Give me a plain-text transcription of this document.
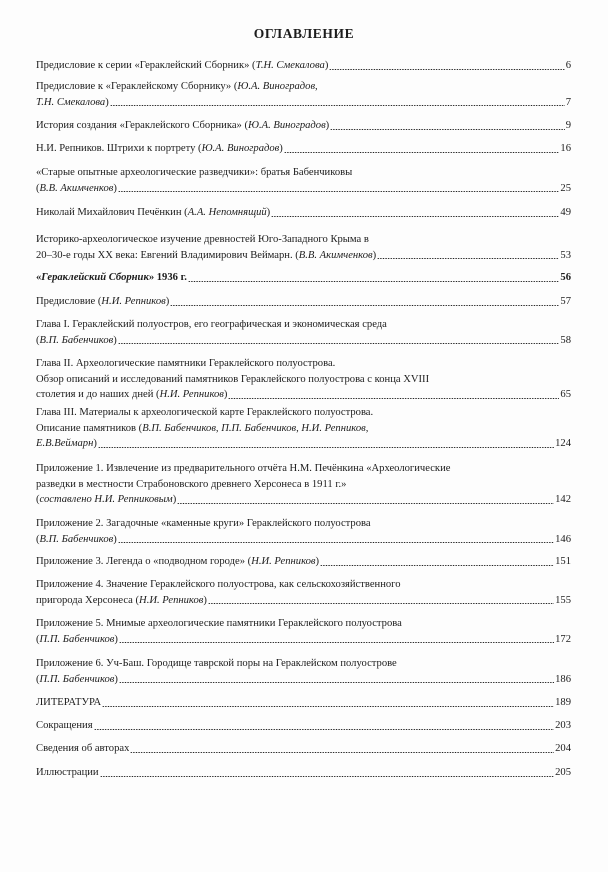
ОГЛАВЛЕНИЕ
Предисловие к серии «Гераклейский Сборник» (Т.Н. Смекалова)	6
Предисловие к «Гераклейскому Сборнику» (Ю.А. Виноградов,
Т.Н. Смекалова)	7
История создания «Гераклейского Сборника» (Ю.А. Виноградов)	9
Н.И. Репников. Штрихи к портрету (Ю.А. Виноградов)	16
«Старые опытные археологические разведчики»: братья Бабенчиковы
(В.В. Акимченков)	25
Николай Михайлович Печёнкин (А.А. Непомнящий)	49
Историко-археологическое изучение древностей Юго-Западного Крыма в
20–30-е годы XX века: Евгений Владимирович Веймарн. (В.В. Акимченков)	53
«Гераклейский Сборник» 1936 г.	56
Предисловие (Н.И. Репников)	57
Глава I. Гераклейский полуостров, его географическая и экономическая среда
(В.П. Бабенчиков)	58
Глава II. Археологические памятники Гераклейского полуострова.
Обзор описаний и исследований памятников Гераклейского полуострова с конца XVIII
столетия и до наших дней (Н.И. Репников)	65
Глава III. Материалы к археологической карте Гераклейского полуострова.
Описание памятников (В.П. Бабенчиков, П.П. Бабенчиков, Н.И. Репников,
Е.В.Веймарн)	124
Приложение 1. Извлечение из предварительного отчёта Н.М. Печёнкина «Археологические
разведки в местности Страбоновского древнего Херсонеса в 1911 г.»
(составлено Н.И. Репниковым)	142
Приложение 2. Загадочные «каменные круги» Гераклейского полуострова
(В.П. Бабенчиков)	146
Приложение 3. Легенда о «подводном городе» (Н.И. Репников)	151
Приложение 4. Значение Гераклейского полуострова, как сельскохозяйственного
пригорода Херсонеса (Н.И. Репников)	155
Приложение 5. Мнимые археологические памятники Гераклейского полуострова
(П.П. Бабенчиков)	172
Приложение 6. Уч-Баш. Городище таврской поры на Гераклейском полуострове
(П.П. Бабенчиков)	186
ЛИТЕРАТУРА	189
Сокращения	203
Сведения об авторах	204
Иллюстрации	205
